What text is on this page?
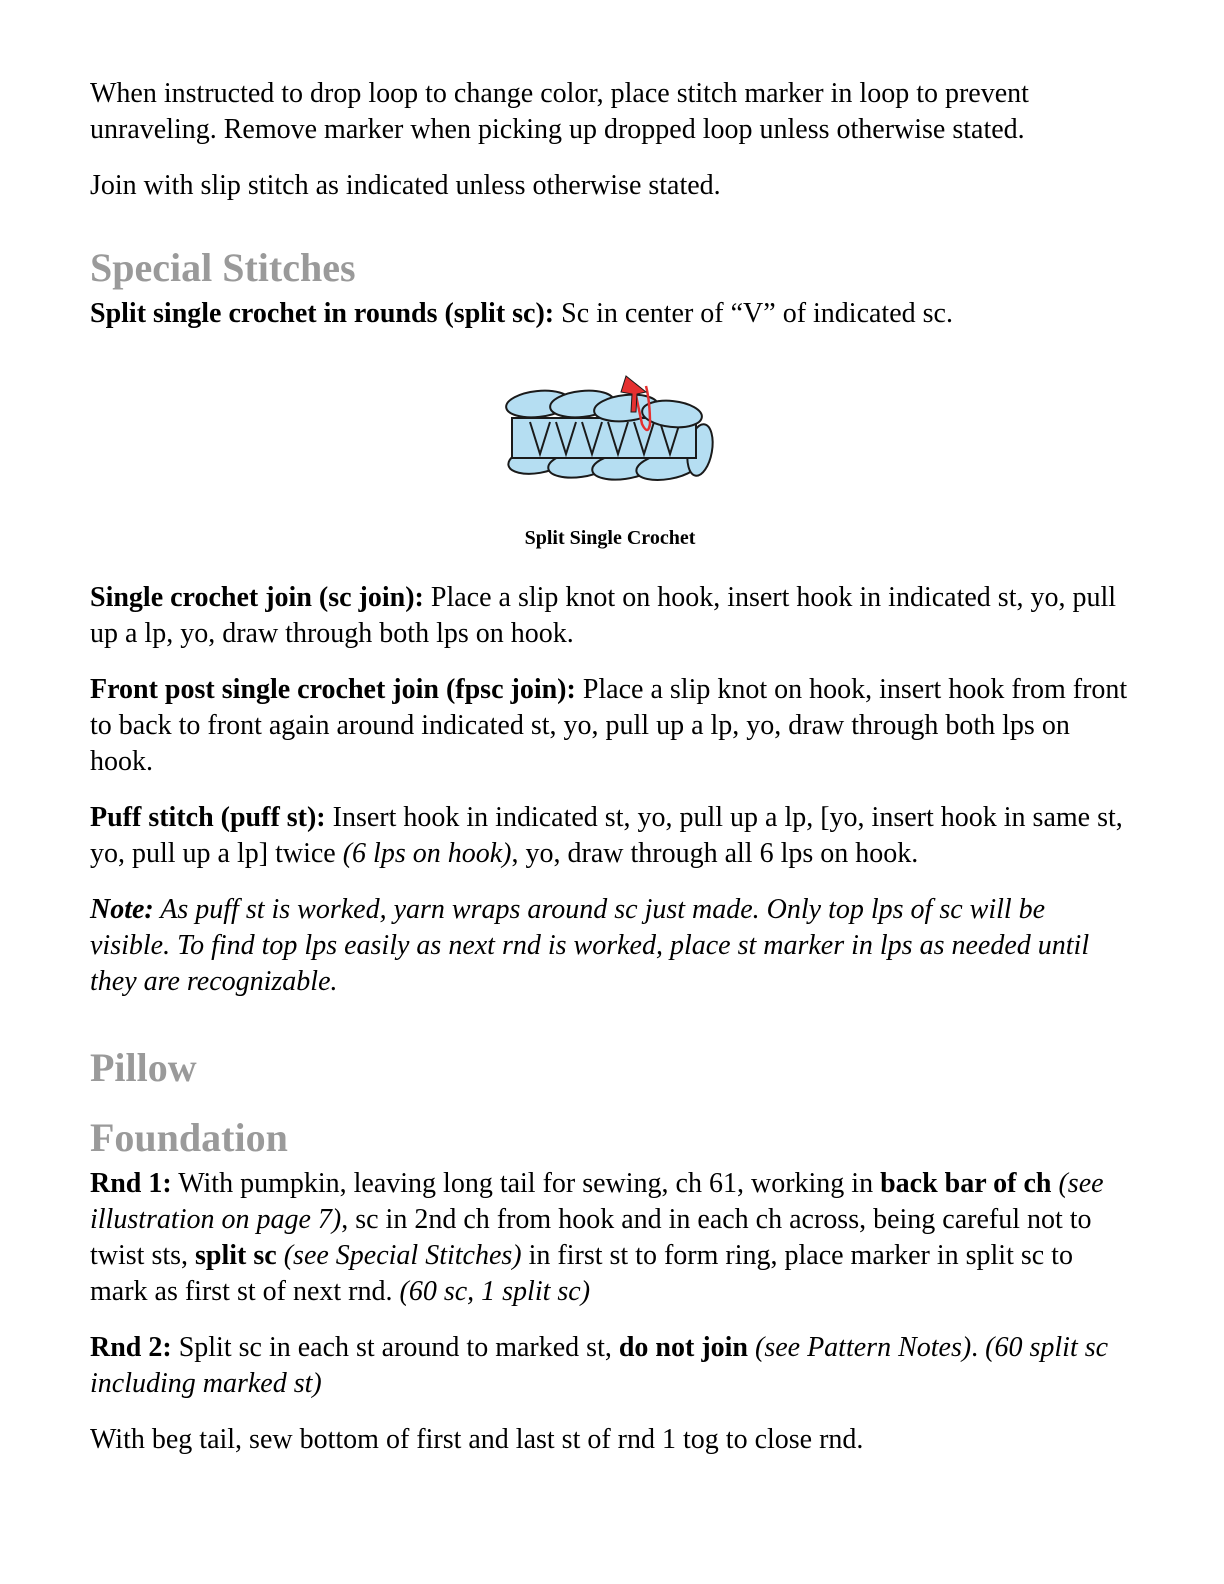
When instructed to drop loop to change color, place stitch marker in loop to prevent unraveling. Remove marker when picking up dropped loop unless otherwise stated.

Join with slip stitch as indicated unless otherwise stated.

Special Stitches

Split single crochet in rounds (split sc): Sc in center of “V” of indicated sc.

Split Single Crochet

Single crochet join (sc join): Place a slip knot on hook, insert hook in indicated st, yo, pull up a lp, yo, draw through both lps on hook.

Front post single crochet join (fpsc join): Place a slip knot on hook, insert hook from front to back to front again around indicated st, yo, pull up a lp, yo, draw through both lps on hook.

Puff stitch (puff st): Insert hook in indicated st, yo, pull up a lp, [yo, insert hook in same st, yo, pull up a lp] twice (6 lps on hook), yo, draw through all 6 lps on hook.

Note: As puff st is worked, yarn wraps around sc just made. Only top lps of sc will be visible. To find top lps easily as next rnd is worked, place st marker in lps as needed until they are recognizable.

Pillow
Foundation

Rnd 1: With pumpkin, leaving long tail for sewing, ch 61, working in back bar of ch (see illustration on page 7), sc in 2nd ch from hook and in each ch across, being careful not to twist sts, split sc (see Special Stitches) in first st to form ring, place marker in split sc to mark as first st of next rnd. (60 sc, 1 split sc)

Rnd 2: Split sc in each st around to marked st, do not join (see Pattern Notes). (60 split sc including marked st)

With beg tail, sew bottom of first and last st of rnd 1 tog to close rnd.
